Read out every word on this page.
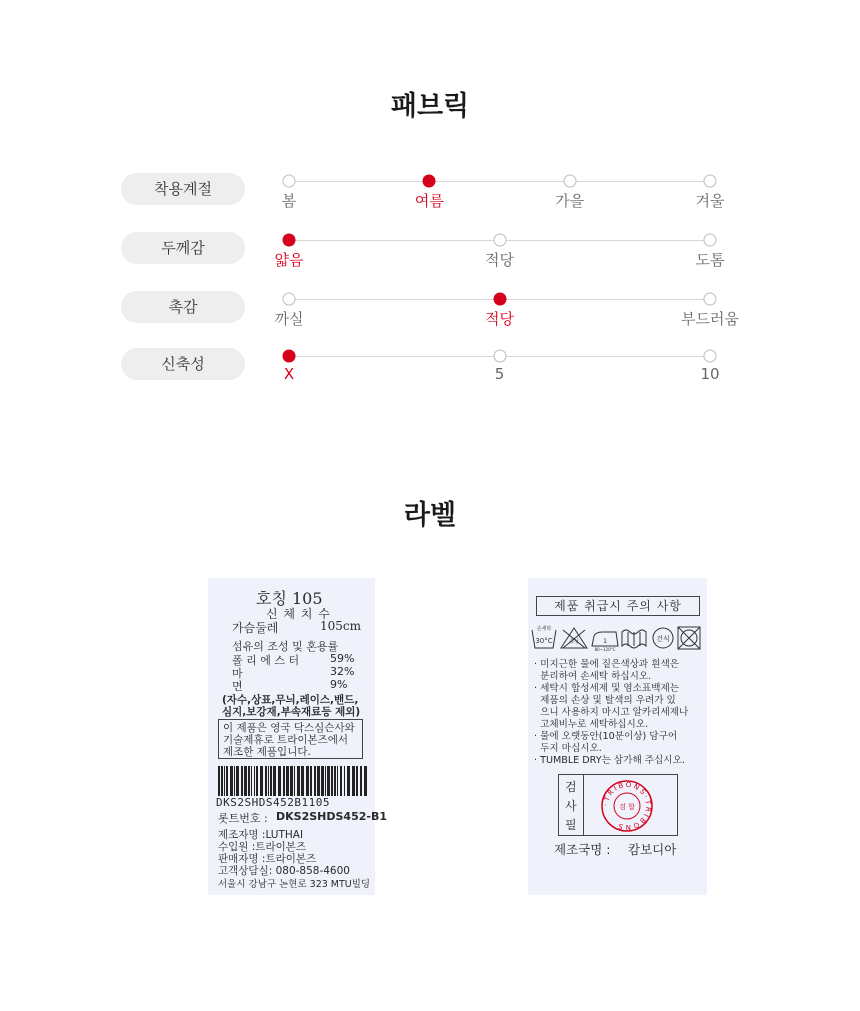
패브릭
착용계절
봄	여름	가을	겨울
두께감
얇음	적당	도톰
촉감
까실	적당	부드러움
신축성
X	5	10
라벨
호칭 105
신 체 치 수
가슴둘레	105cm
섬유의 조성 및 혼용률
폴 리 에 스 터	59%
마	32%
면	9%
(자수,상표,무늬,레이스,밴드,
심지,보강재,부속재료등 제외)
이 제품은 영국 닥스심슨사와
기술제휴로 트라이본즈에서
제조한 제품입니다.
DKS2SHDS452B1105
롯트번호 : DKS2SHDS452-B1
제조자명 :LUTHAI
수입원 :트라이본즈
판매자명 :트라이본즈
고객상담실: 080-858-4600
서울시 강남구 논현로 323 MTU빌딩
제품 취급시 주의 사항
손세탁
30°C	중성	1
80~120°C
건식
· 미지근한 물에 짙은색상과 흰색은
분리하여 손세탁 하십시오.
· 세탁시 합성세제 및 염소표백제는
제품의 손상 및 탈색의 우려가 있
으니 사용하지 마시고 알카리세제나
고체비누로 세탁하십시오.
· 물에 오랫동안(10분이상) 담구어
두지 마십시오.
· TUMBLE DRY는 삼가해 주십시오.
검
사
필
·TRIBONS·TRIBONS
검 합
제조국명 : 캄보디아
